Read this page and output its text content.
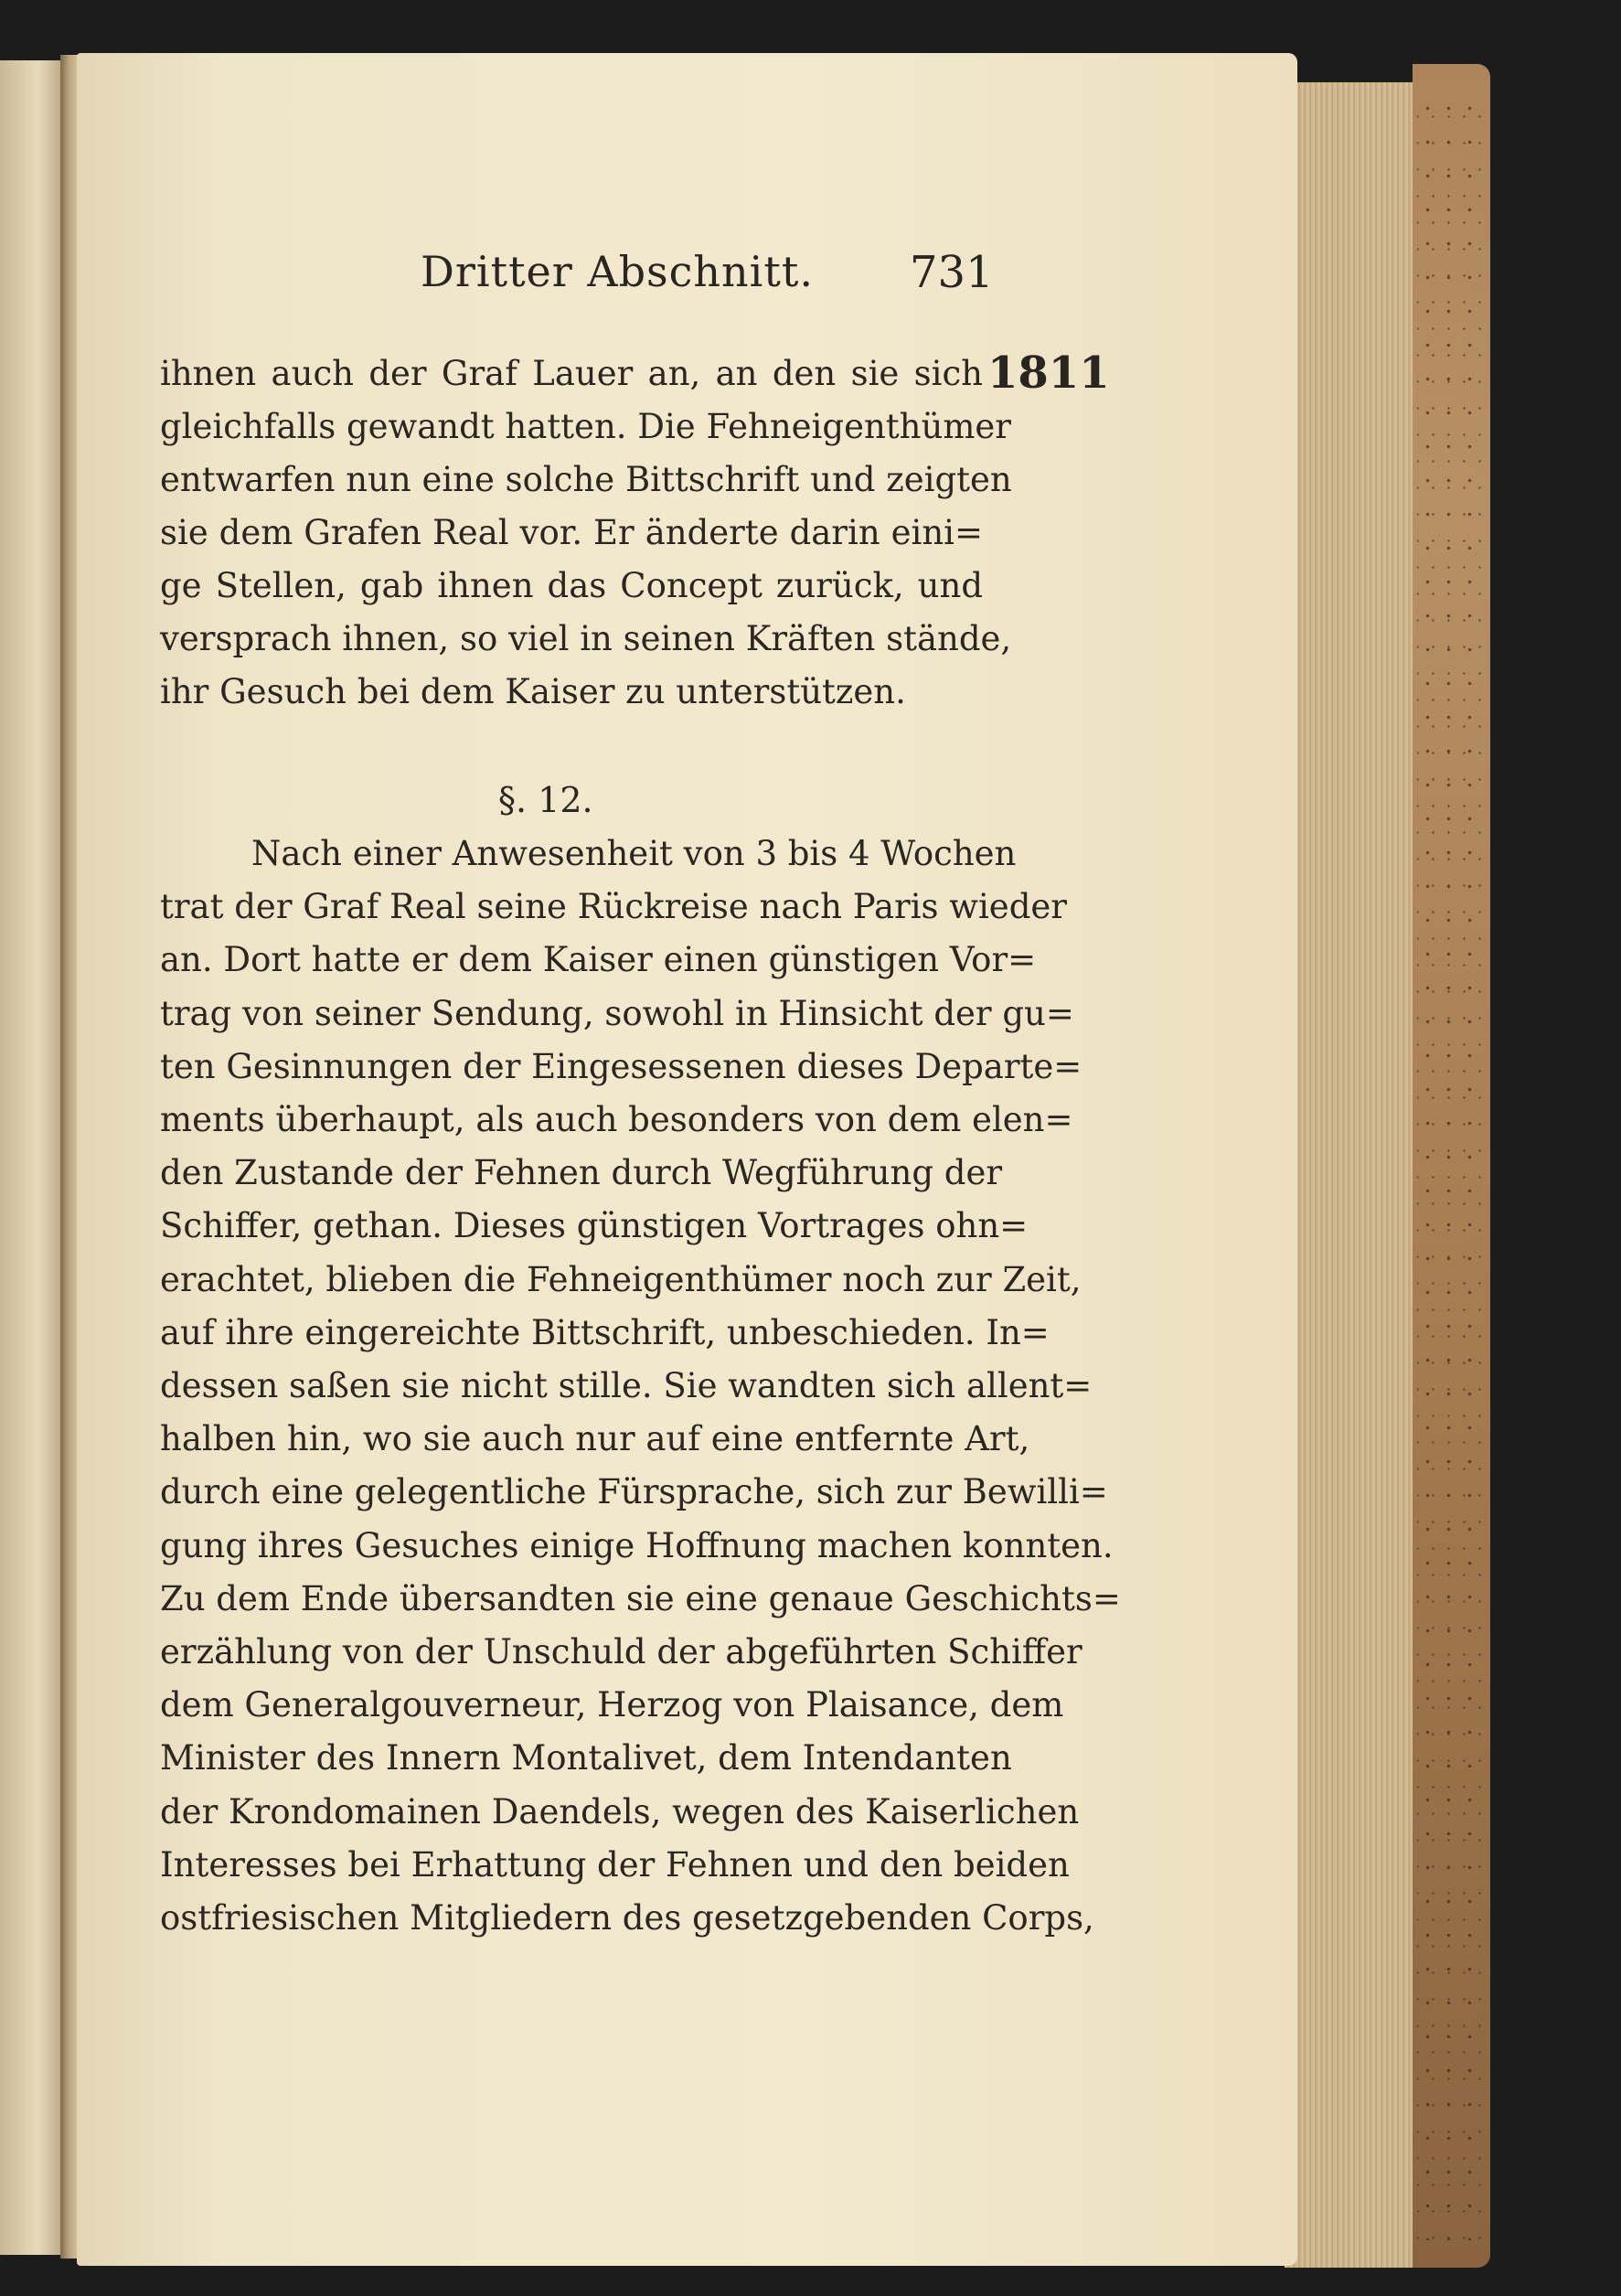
Dritter Abschnitt. 731
1811
ihnen auch der Graf Lauer an, an den sie sich
gleichfalls gewandt hatten. Die Fehneigenthümer
entwarfen nun eine solche Bittschrift und zeigten
sie dem Grafen Real vor. Er änderte darin eini=
ge Stellen, gab ihnen das Concept zurück, und
versprach ihnen, so viel in seinen Kräften stände,
ihr Gesuch bei dem Kaiser zu unterstützen.
§. 12.
Nach einer Anwesenheit von 3 bis 4 Wochen
trat der Graf Real seine Rückreise nach Paris wieder
an. Dort hatte er dem Kaiser einen günstigen Vor=
trag von seiner Sendung, sowohl in Hinsicht der gu=
ten Gesinnungen der Eingesessenen dieses Departe=
ments überhaupt, als auch besonders von dem elen=
den Zustande der Fehnen durch Wegführung der
Schiffer, gethan. Dieses günstigen Vortrages ohn=
erachtet, blieben die Fehneigenthümer noch zur Zeit,
auf ihre eingereichte Bittschrift, unbeschieden. In=
dessen saßen sie nicht stille. Sie wandten sich allent=
halben hin, wo sie auch nur auf eine entfernte Art,
durch eine gelegentliche Fürsprache, sich zur Bewilli=
gung ihres Gesuches einige Hoffnung machen konnten.
Zu dem Ende übersandten sie eine genaue Geschichts=
erzählung von der Unschuld der abgeführten Schiffer
dem Generalgouverneur, Herzog von Plaisance, dem
Minister des Innern Montalivet, dem Intendanten
der Krondomainen Daendels, wegen des Kaiserlichen
Interesses bei Erhattung der Fehnen und den beiden
ostfriesischen Mitgliedern des gesetzgebenden Corps,
